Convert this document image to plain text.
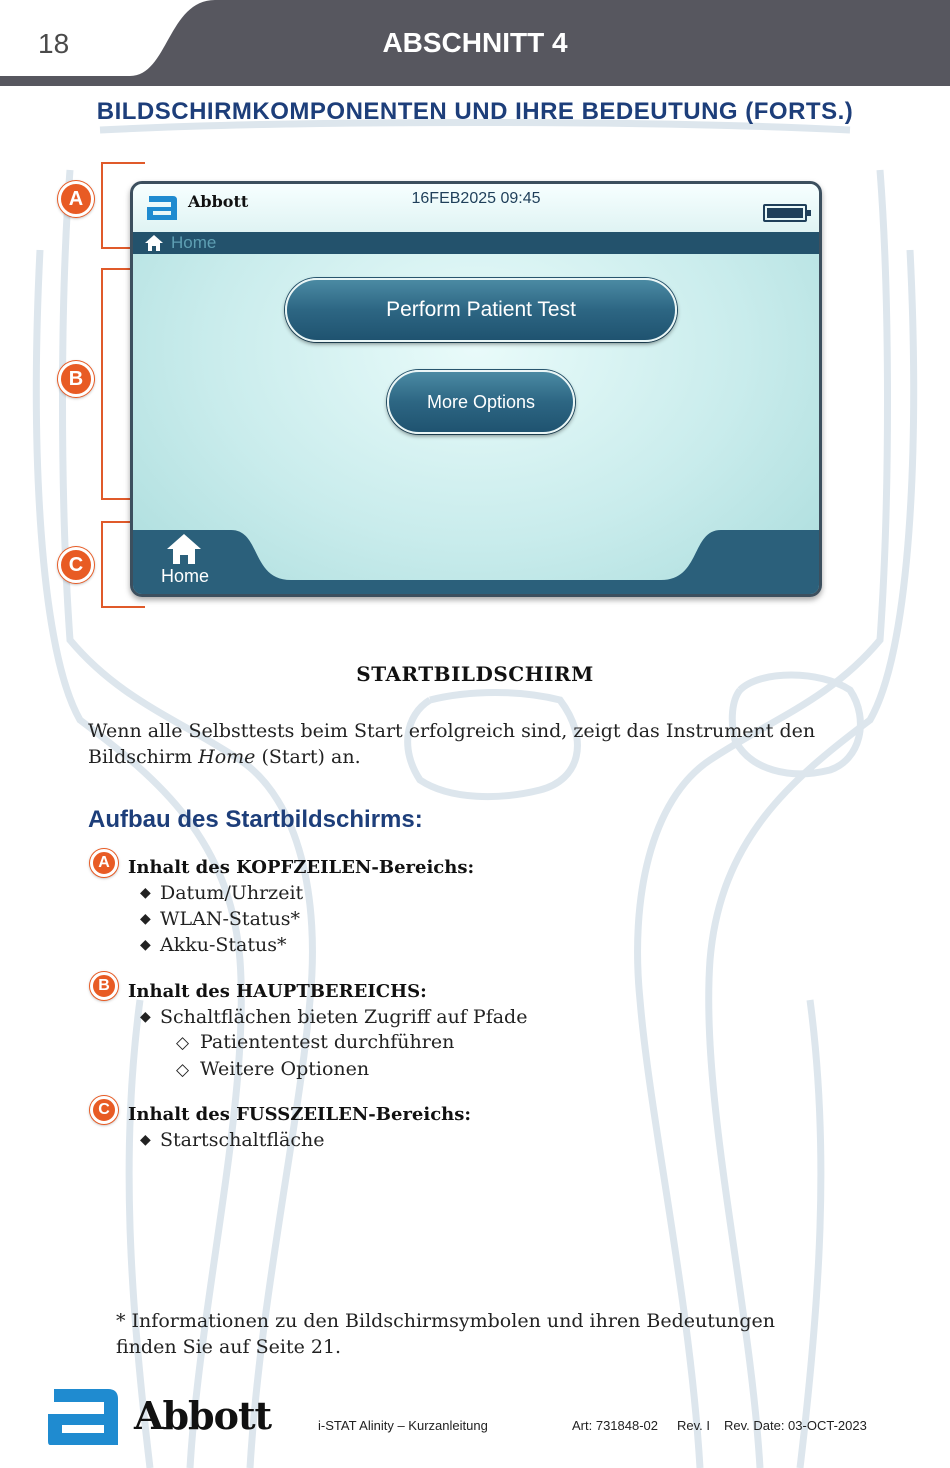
18	ABSCHNITT 4
BILDSCHIRMKOMPONENTEN UND IHRE BEDEUTUNG (FORTS.)
A
B
C
Abbott	16FEB2025 09:45
Home
Perform Patient Test
More Options
Home
STARTBILDSCHIRM

Wenn alle Selbsttests beim Start erfolgreich sind, zeigt das Instrument den Bildschirm Home (Start) an.

Aufbau des Startbildschirms:
A	Inhalt des KOPFZEILEN-Bereichs:
◆ Datum/Uhrzeit
◆ WLAN-Status*
◆ Akku-Status*
B	Inhalt des HAUPTBEREICHS:
◆ Schaltflächen bieten Zugriff auf Pfade
◇ Patiententest durchführen
◇ Weitere Optionen
C	Inhalt des FUSSZEILEN-Bereichs:
◆ Startschaltfläche

* Informationen zu den Bildschirmsymbolen und ihren Bedeutungen finden Sie auf Seite 21.

Abbott	i-STAT Alinity – Kurzanleitung	Art: 731848-02 Rev. I Rev. Date: 03-OCT-2023
